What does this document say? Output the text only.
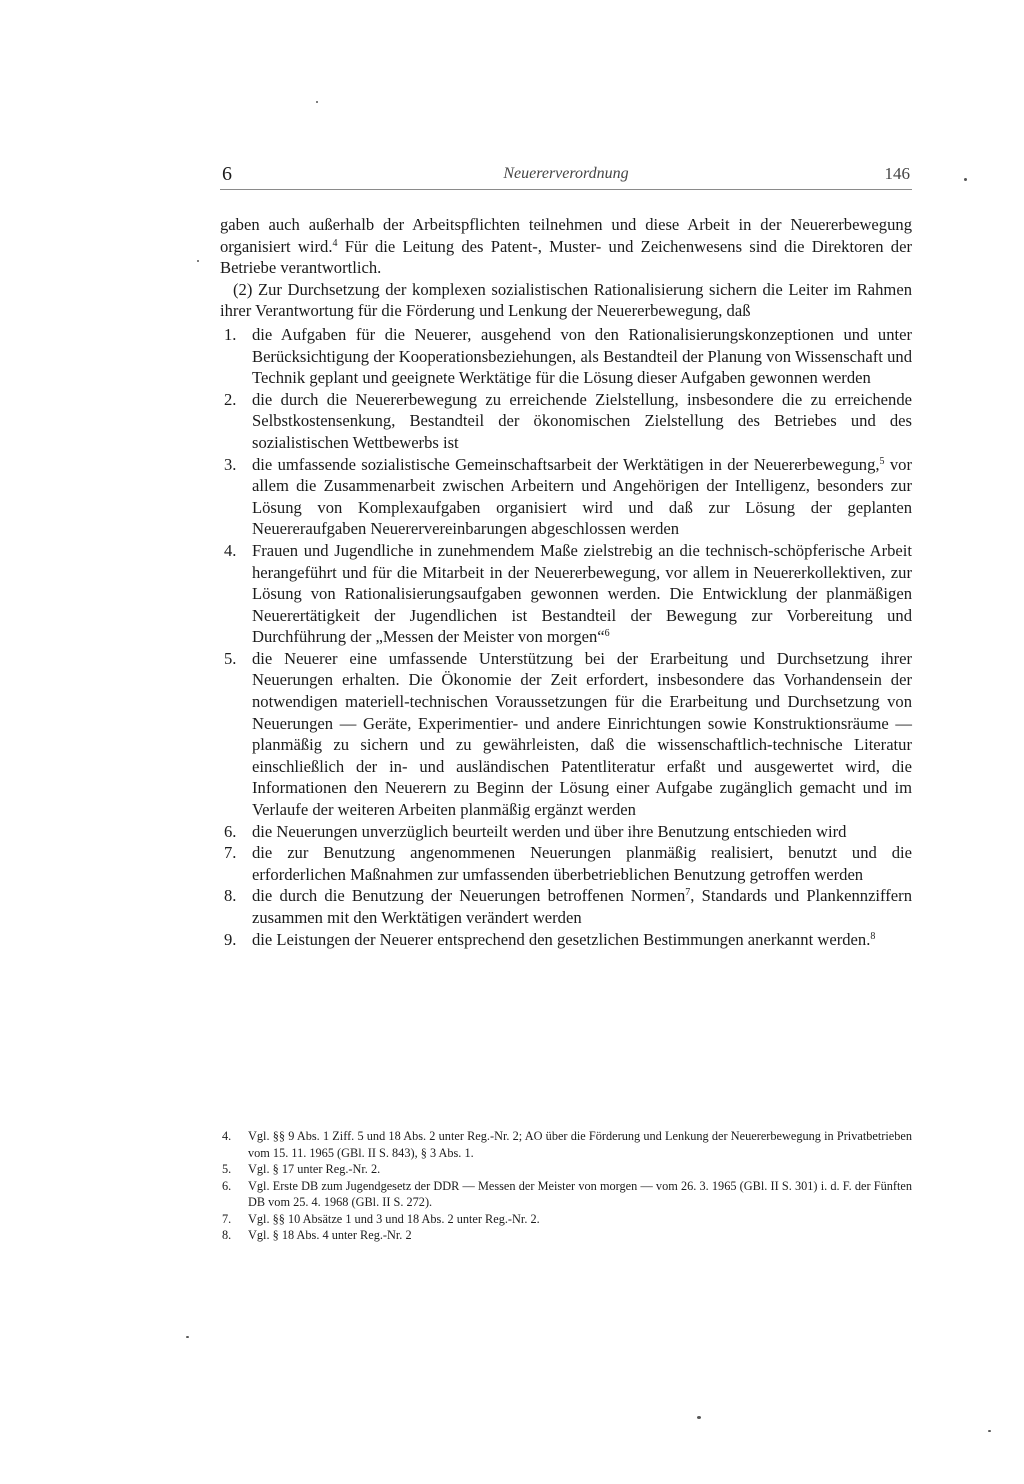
6	Neuererverordnung	146

gaben auch außerhalb der Arbeitspflichten teilnehmen und diese Arbeit in der Neuererbewegung organisiert wird.$^4$ Für die Leitung des Patent-, Muster- und Zeichenwesens sind die Direktoren der Betriebe verantwortlich.

(2) Zur Durchsetzung der komplexen sozialistischen Rationalisierung sichern die Leiter im Rahmen ihrer Verantwortung für die Förderung und Lenkung der Neuererbewegung, daß

1. die Aufgaben für die Neuerer, ausgehend von den Rationalisierungskonzeptionen und unter Berücksichtigung der Kooperationsbeziehungen, als Bestandteil der Planung von Wissenschaft und Technik geplant und geeignete Werktätige für die Lösung dieser Aufgaben gewonnen werden
2. die durch die Neuererbewegung zu erreichende Zielstellung, insbesondere die zu erreichende Selbstkostensenkung, Bestandteil der ökonomischen Zielstellung des Betriebes und des sozialistischen Wettbewerbs ist
3. die umfassende sozialistische Gemeinschaftsarbeit der Werktätigen in der Neuererbewegung,$^5$ vor allem die Zusammenarbeit zwischen Arbeitern und Angehörigen der Intelligenz, besonders zur Lösung von Komplexaufgaben organisiert wird und daß zur Lösung der geplanten Neuereraufgaben Neuerervereinbarungen abgeschlossen werden
4. Frauen und Jugendliche in zunehmendem Maße zielstrebig an die technisch-schöpferische Arbeit herangeführt und für die Mitarbeit in der Neuererbewegung, vor allem in Neuererkollektiven, zur Lösung von Rationalisierungsaufgaben gewonnen werden. Die Entwicklung der planmäßigen Neuerertätigkeit der Jugendlichen ist Bestandteil der Bewegung zur Vorbereitung und Durchführung der „Messen der Meister von morgen“$^6$
5. die Neuerer eine umfassende Unterstützung bei der Erarbeitung und Durchsetzung ihrer Neuerungen erhalten. Die Ökonomie der Zeit erfordert, insbesondere das Vorhandensein der notwendigen materiell-technischen Voraussetzungen für die Erarbeitung und Durchsetzung von Neuerungen — Geräte, Experimentier- und andere Einrichtungen sowie Konstruktionsräume — planmäßig zu sichern und zu gewährleisten, daß die wissenschaftlich-technische Literatur einschließlich der in- und ausländischen Patentliteratur erfaßt und ausgewertet wird, die Informationen den Neuerern zu Beginn der Lösung einer Aufgabe zugänglich gemacht und im Verlaufe der weiteren Arbeiten planmäßig ergänzt werden
6. die Neuerungen unverzüglich beurteilt werden und über ihre Benutzung entschieden wird
7. die zur Benutzung angenommenen Neuerungen planmäßig realisiert, benutzt und die erforderlichen Maßnahmen zur umfassenden überbetrieblichen Benutzung getroffen werden
8. die durch die Benutzung der Neuerungen betroffenen Normen$^7$, Standards und Plankennziffern zusammen mit den Werktätigen verändert werden
9. die Leistungen der Neuerer entsprechend den gesetzlichen Bestimmungen anerkannt werden.$^8$
4. Vgl. §§ 9 Abs. 1 Ziff. 5 und 18 Abs. 2 unter Reg.-Nr. 2; AO über die Förderung und Lenkung der Neuererbewegung in Privatbetrieben vom 15. 11. 1965 (GBl. II S. 843), § 3 Abs. 1.
5. Vgl. § 17 unter Reg.-Nr. 2.
6. Vgl. Erste DB zum Jugendgesetz der DDR — Messen der Meister von morgen — vom 26. 3. 1965 (GBl. II S. 301) i. d. F. der Fünften DB vom 25. 4. 1968 (GBl. II S. 272).
7. Vgl. §§ 10 Absätze 1 und 3 und 18 Abs. 2 unter Reg.-Nr. 2.
8. Vgl. § 18 Abs. 4 unter Reg.-Nr. 2
